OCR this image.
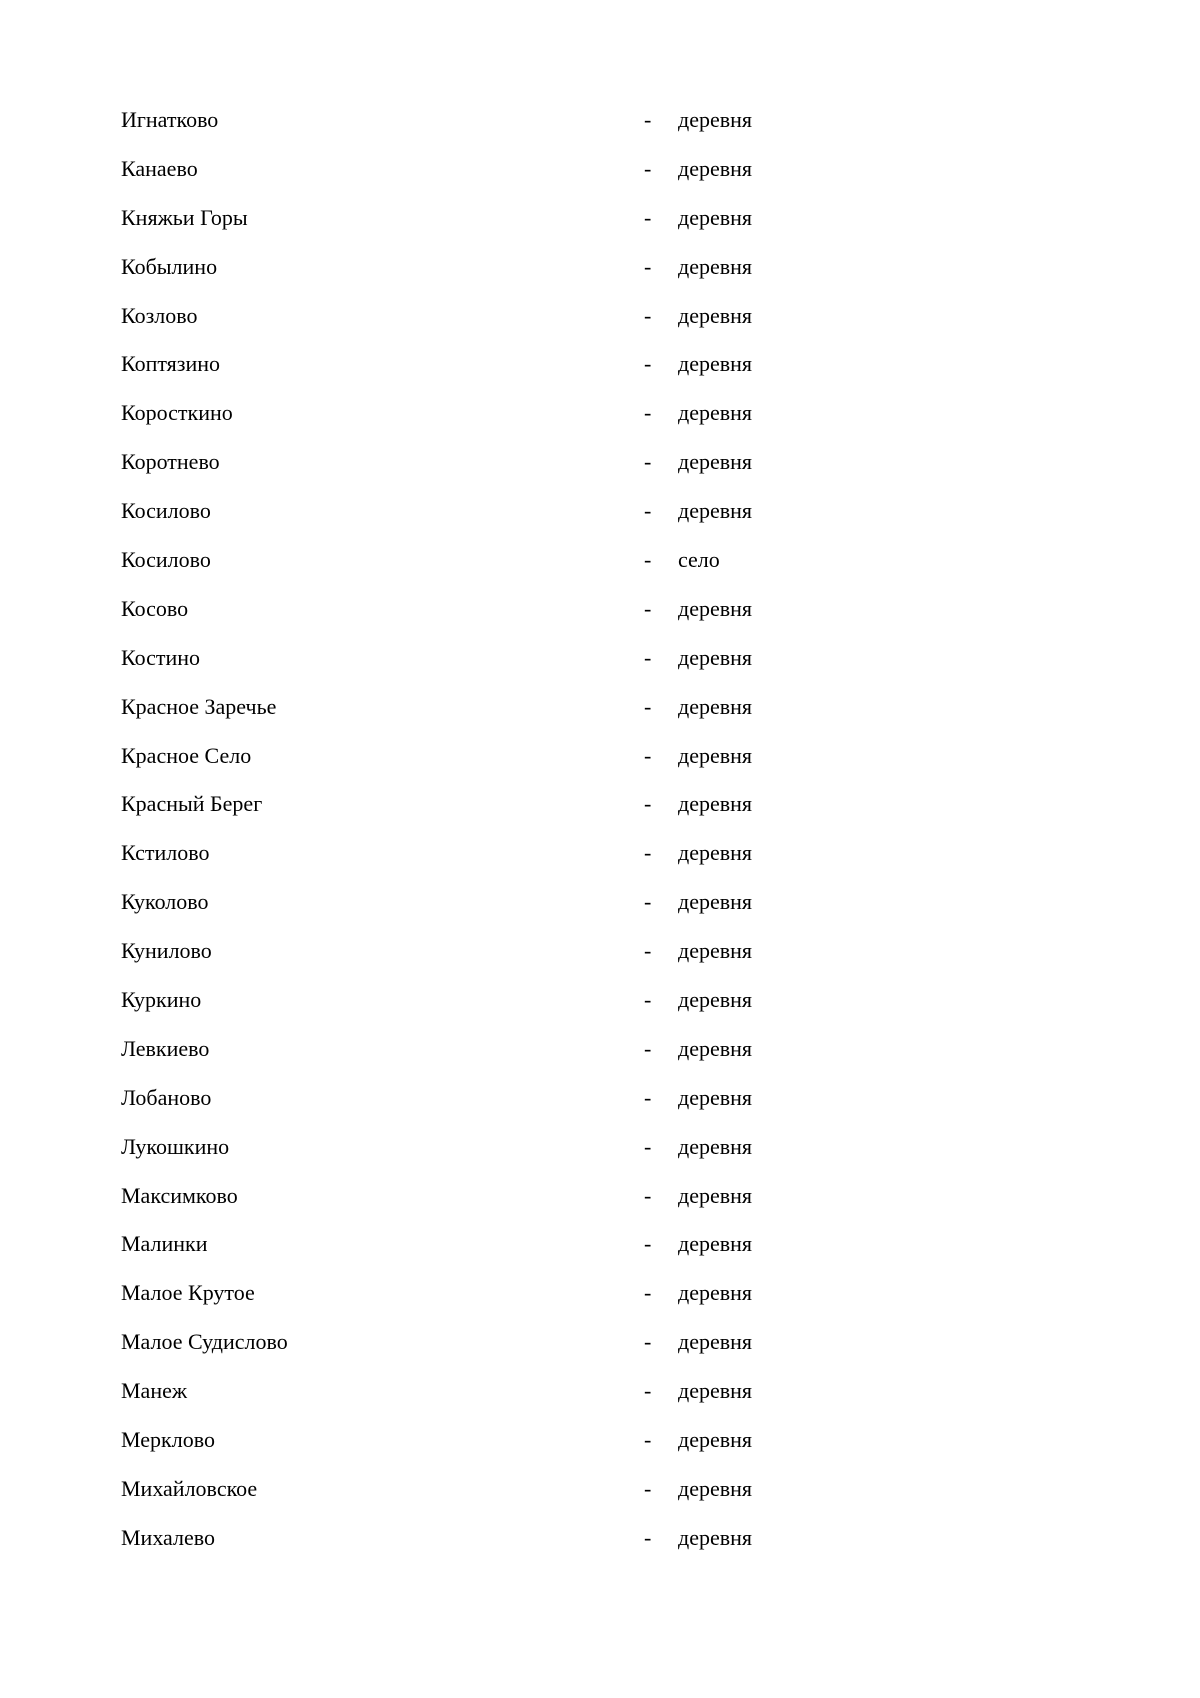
Игнатково	- деревня
Канаево	- деревня
Княжьи Горы	- деревня
Кобылино	- деревня
Козлово	- деревня
Коптязино	- деревня
Коросткино	- деревня
Коротнево	- деревня
Косилово	- деревня
Косилово	- село
Косово	- деревня
Костино	- деревня
Красное Заречье	- деревня
Красное Село	- деревня
Красный Берег	- деревня
Кстилово	- деревня
Куколово	- деревня
Кунилово	- деревня
Куркино	- деревня
Левкиево	- деревня
Лобаново	- деревня
Лукошкино	- деревня
Максимково	- деревня
Малинки	- деревня
Малое Крутое	- деревня
Малое Судислово	- деревня
Манеж	- деревня
Мерклово	- деревня
Михайловское	- деревня
Михалево	- деревня
